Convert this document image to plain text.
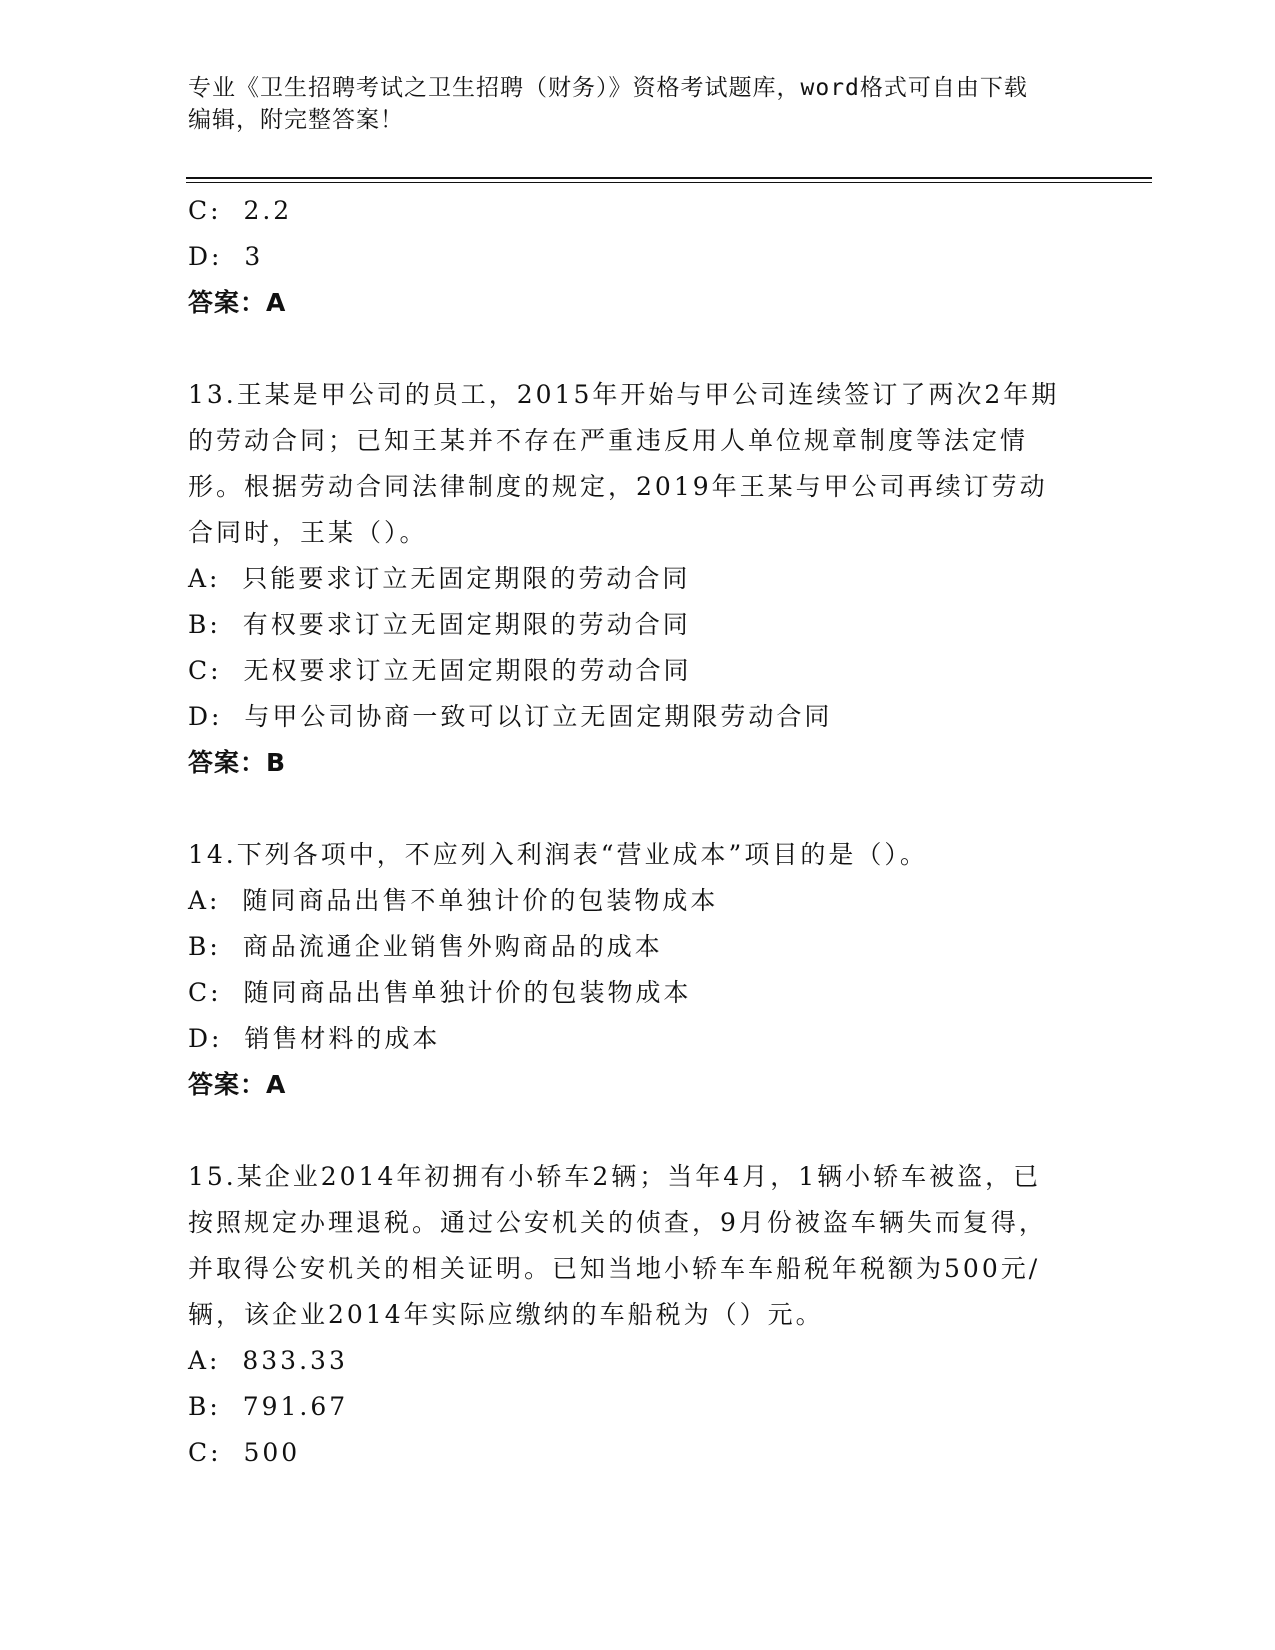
专业《卫生招聘考试之卫生招聘（财务）》资格考试题库，word格式可自由下载
编辑，附完整答案！

C:  2.2

D:  3

答案：A

13.王某是甲公司的员工，2015年开始与甲公司连续签订了两次2年期

的劳动合同；已知王某并不存在严重违反用人单位规章制度等法定情

形。根据劳动合同法律制度的规定，2019年王某与甲公司再续订劳动

合同时，王某（）。

A:  只能要求订立无固定期限的劳动合同

B:  有权要求订立无固定期限的劳动合同

C:  无权要求订立无固定期限的劳动合同

D:  与甲公司协商一致可以订立无固定期限劳动合同

答案：B

14.下列各项中，不应列入利润表“营业成本”项目的是（）。

A:  随同商品出售不单独计价的包装物成本

B:  商品流通企业销售外购商品的成本

C:  随同商品出售单独计价的包装物成本

D:  销售材料的成本

答案：A

15.某企业2014年初拥有小轿车2辆；当年4月，1辆小轿车被盗，已

按照规定办理退税。通过公安机关的侦查，9月份被盗车辆失而复得，

并取得公安机关的相关证明。已知当地小轿车车船税年税额为500元/

辆，该企业2014年实际应缴纳的车船税为（）元。

A:  833.33

B:  791.67

C:  500
